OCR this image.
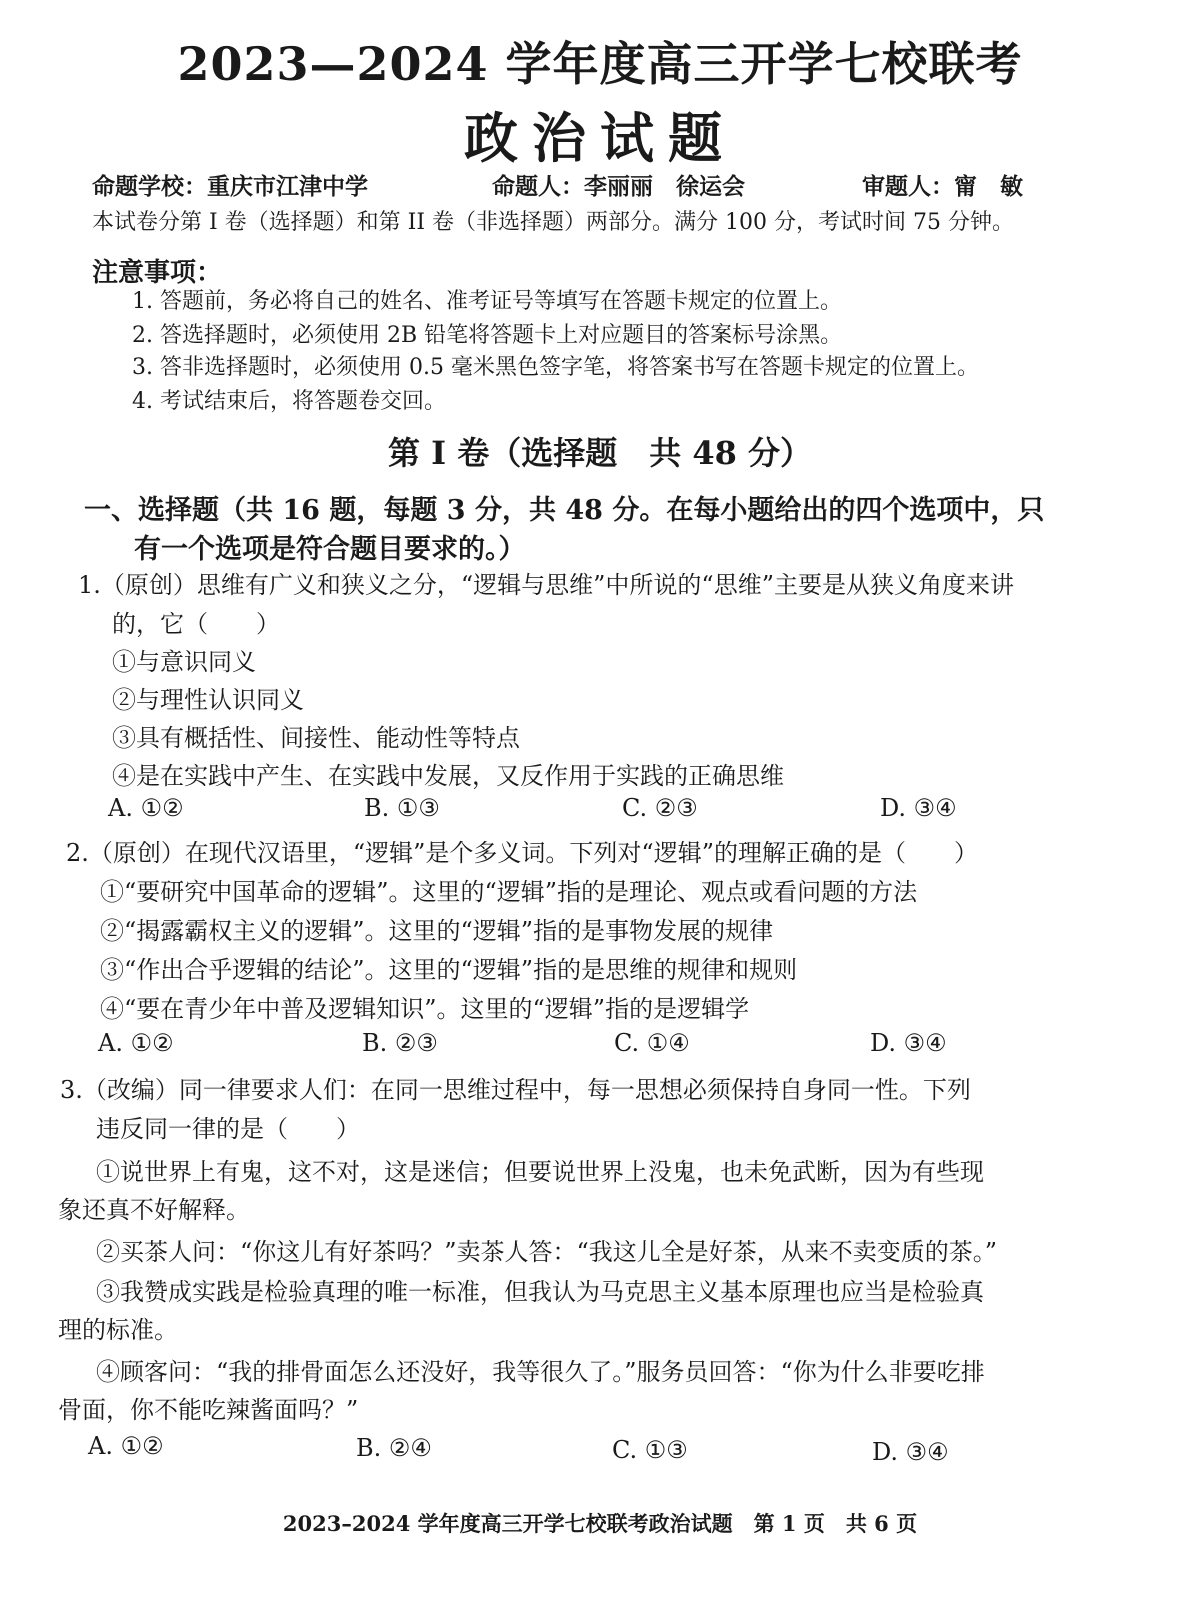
2023—2024 学年度高三开学七校联考
政治试题
命题学校：重庆市江津中学	命题人：李丽丽　徐运会	审题人：甯　敏
本试卷分第 I 卷（选择题）和第 II 卷（非选择题）两部分。满分 100 分，考试时间 75 分钟。
注意事项：
1. 答题前，务必将自己的姓名、准考证号等填写在答题卡规定的位置上。
2. 答选择题时，必须使用 2B 铅笔将答题卡上对应题目的答案标号涂黑。
3. 答非选择题时，必须使用 0.5 毫米黑色签字笔，将答案书写在答题卡规定的位置上。
4. 考试结束后，将答题卷交回。
第 I 卷（选择题　共 48 分）
一、选择题（共 16 题，每题 3 分，共 48 分。在每小题给出的四个选项中，只
有一个选项是符合题目要求的。）
1.（原创）思维有广义和狭义之分，“逻辑与思维”中所说的“思维”主要是从狭义角度来讲
的，它（　　）
①与意识同义
②与理性认识同义
③具有概括性、间接性、能动性等特点
④是在实践中产生、在实践中发展，又反作用于实践的正确思维
A. ①②	B. ①③	C. ②③	D. ③④
2.（原创）在现代汉语里，“逻辑”是个多义词。下列对“逻辑”的理解正确的是（　　）
①“要研究中国革命的逻辑”。这里的“逻辑”指的是理论、观点或看问题的方法
②“揭露霸权主义的逻辑”。这里的“逻辑”指的是事物发展的规律
③“作出合乎逻辑的结论”。这里的“逻辑”指的是思维的规律和规则
④“要在青少年中普及逻辑知识”。这里的“逻辑”指的是逻辑学
A. ①②	B. ②③	C. ①④	D. ③④
3.（改编）同一律要求人们：在同一思维过程中，每一思想必须保持自身同一性。下列
违反同一律的是（　　）
①说世界上有鬼，这不对，这是迷信；但要说世界上没鬼，也未免武断，因为有些现
象还真不好解释。
②买茶人问：“你这儿有好茶吗？”卖茶人答：“我这儿全是好茶，从来不卖变质的茶。”
③我赞成实践是检验真理的唯一标准，但我认为马克思主义基本原理也应当是检验真
理的标准。
④顾客问：“我的排骨面怎么还没好，我等很久了。”服务员回答：“你为什么非要吃排
骨面，你不能吃辣酱面吗？”
A. ①②	B. ②④	C. ①③	D. ③④
2023–2024 学年度高三开学七校联考政治试题　第 1 页　共 6 页
